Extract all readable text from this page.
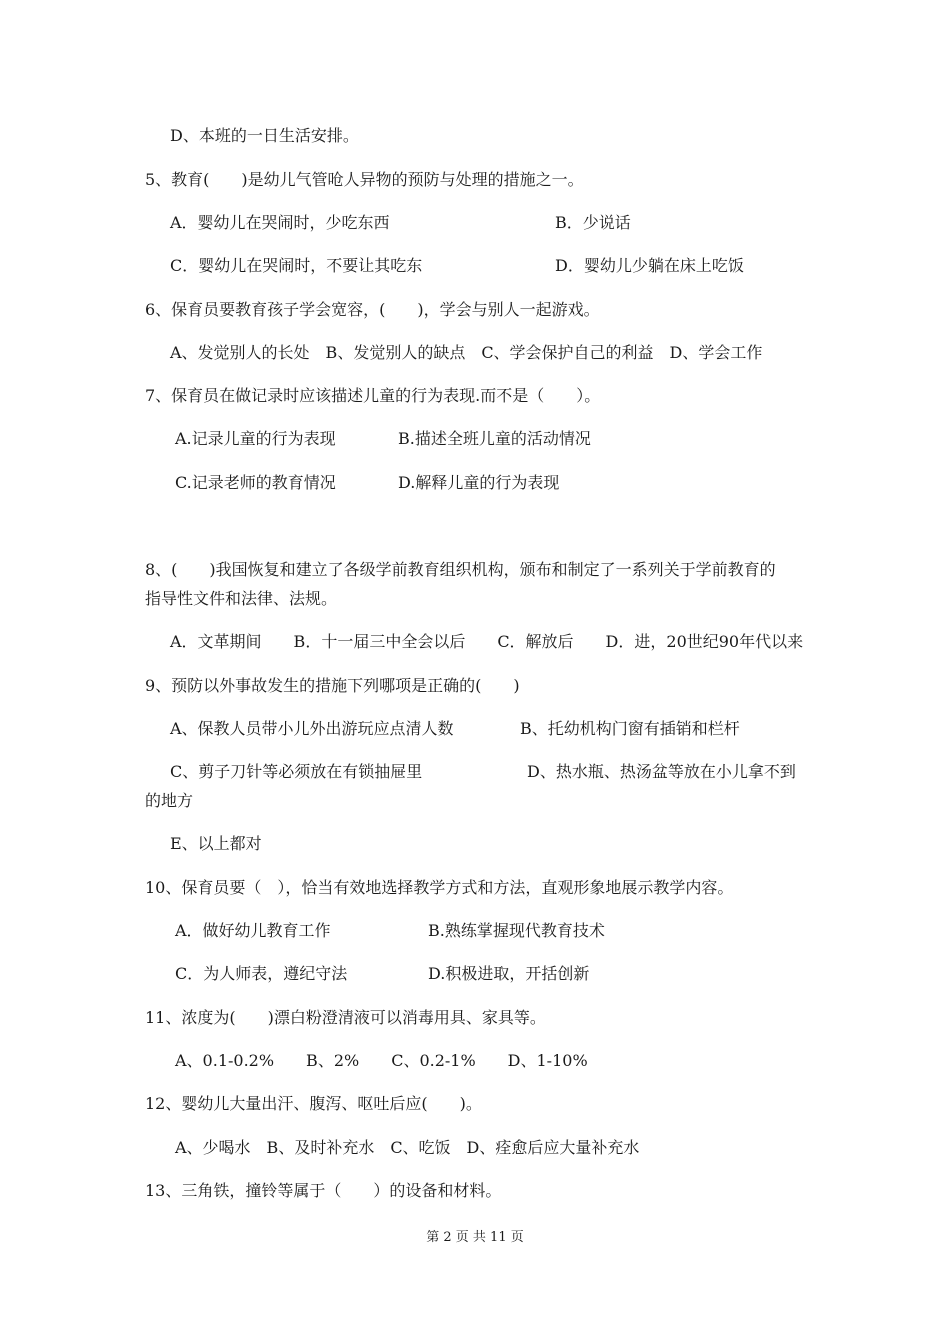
D、本班的一日生活安排。
5、教育(　　)是幼儿气管呛人异物的预防与处理的措施之一。
A．婴幼儿在哭闹时，少吃东西	B．少说话
C．婴幼儿在哭闹时，不要让其吃东	D．婴幼儿少躺在床上吃饭
6、保育员要教育孩子学会宽容，(　　)，学会与别人一起游戏。
A、发觉别人的长处　B、发觉别人的缺点　C、学会保护自己的利益　D、学会工作
7、保育员在做记录时应该描述儿童的行为表现.而不是（　　）。
A.记录儿童的行为表现	B.描述全班儿童的活动情况
C.记录老师的教育情况	D.解释儿童的行为表现
8、(　　)我国恢复和建立了各级学前教育组织机构，颁布和制定了一系列关于学前教育的
指导性文件和法律、法规。
A．文革期间　　B．十一届三中全会以后　　C．解放后　　D．进，20世纪90年代以来
9、预防以外事故发生的措施下列哪项是正确的(　　)
A、保教人员带小儿外出游玩应点清人数	B、托幼机构门窗有插销和栏杆
C、剪子刀针等必须放在有锁抽屉里	D、热水瓶、热汤盆等放在小儿拿不到
的地方
E、以上都对
10、保育员要（　），恰当有效地选择教学方式和方法，直观形象地展示教学内容。
A．做好幼儿教育工作	B.熟练掌握现代教育技术
C．为人师表，遵纪守法	D.积极进取，开括创新
11、浓度为(　　)漂白粉澄清液可以消毒用具、家具等。
A、0.1-0.2%　　B、2%　　C、0.2-1%　　D、1-10%
12、婴幼儿大量出汗、腹泻、呕吐后应(　　)。
A、少喝水　B、及时补充水　C、吃饭　D、痊愈后应大量补充水
13、三角铁，撞铃等属于（　　）的设备和材料。
第 2 页 共 11 页
